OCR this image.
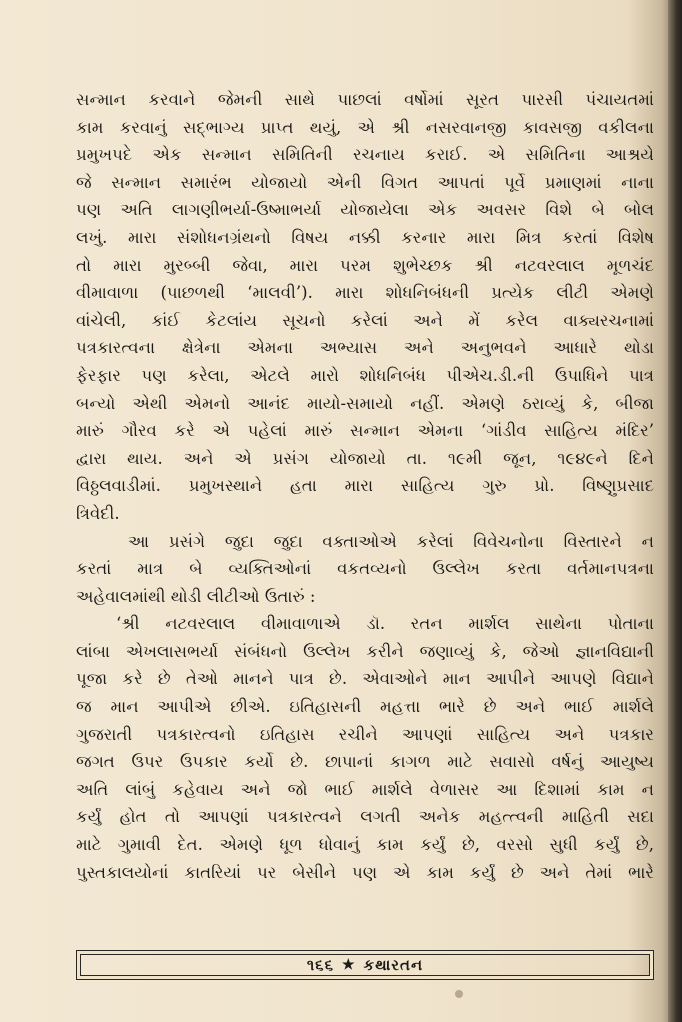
સન્માન કરવાને જેમની સાથે પાછલાં વર્ષોમાં સૂરત પારસી પંચાયતમાં
કામ કરવાનું સદ્ભાગ્ય પ્રાપ્ત થયું, એ શ્રી નસરવાનજી કાવસજી વકીલના
પ્રમુખપદે એક સન્માન સમિતિની રચનાય કરાઈ. એ સમિતિના આશ્રયે
જે સન્માન સમારંભ યોજાયો એની વિગત આપતાં પૂર્વે પ્રમાણમાં નાના
પણ અતિ લાગણીભર્યા-ઉષ્માભર્યા યોજાયેલા એક અવસર વિશે બે બોલ
લખું. મારા સંશોધનગ્રંથનો વિષય નક્કી કરનાર મારા મિત્ર કરતાં વિશેષ
તો મારા મુરબ્બી જેવા, મારા પરમ શુભેચ્છક શ્રી નટવરલાલ મૂળચંદ
વીમાવાળા (પાછળથી ‘માલવી’). મારા શોધનિબંધની પ્રત્યેક લીટી એમણે
વાંચેલી, કાંઈ કેટલાંય સૂચનો કરેલાં અને મેં કરેલ વાક્યરચનામાં
પત્રકારત્વના ક્ષેત્રેના એમના અભ્યાસ અને અનુભવને આધારે થોડા
ફેરફાર પણ કરેલા, એટલે મારો શોધનિબંધ પીએચ.ડી.ની ઉપાધિને પાત્ર
બન્યો એથી એમનો આનંદ માયો-સમાયો નહીં. એમણે ઠરાવ્યું કે, બીજા
મારું ગૌરવ કરે એ પહેલાં મારું સન્માન એમના ‘ગાંડીવ સાહિત્ય મંદિર’
દ્વારા થાય. અને એ પ્રસંગ યોજાયો તા. ૧૯મી જૂન, ૧૯૪૯ને દિને
વિઠ્ઠલવાડીમાં. પ્રમુખસ્થાને હતા મારા સાહિત્ય ગુરુ પ્રો. વિષ્ણુપ્રસાદ
ત્રિવેદી.
આ પ્રસંગે જુદા જુદા વક્તાઓએ કરેલાં વિવેચનોના વિસ્તારને ન
કરતાં માત્ર બે વ્યક્તિઓનાં વકતવ્યનો ઉલ્લેખ કરતા વર્તમાનપત્રના
અહેવાલમાંથી થોડી લીટીઓ ઉતારું :
‘શ્રી નટવરલાલ વીમાવાળાએ ડૉ. રતન માર્શલ સાથેના પોતાના
લાંબા એખલાસભર્યા સંબંધનો ઉલ્લેખ કરીને જણાવ્યું કે, જેઓ જ્ઞાનવિદ્યાની
પૂજા કરે છે તેઓ માનને પાત્ર છે. એવાઓને માન આપીને આપણે વિદ્યાને
જ માન આપીએ છીએ. ઇતિહાસની મહત્તા ભારે છે અને ભાઈ માર્શલે
ગુજરાતી પત્રકારત્વનો ઇતિહાસ રચીને આપણાં સાહિત્ય અને પત્રકાર
જગત ઉપર ઉપકાર કર્યો છે. છાપાનાં કાગળ માટે સવાસો વર્ષનું આયુષ્ય
અતિ લાંબું કહેવાય અને જો ભાઈ માર્શલે વેળાસર આ દિશામાં કામ ન
કર્યું હોત તો આપણાં પત્રકારત્વને લગતી અનેક મહત્ત્વની માહિતી સદા
માટે ગુમાવી દેત. એમણે ધૂળ ધોવાનું કામ કર્યું છે, વરસો સુધી કર્યું છે,
પુસ્તકાલયોનાં કાતરિયાં પર બેસીને પણ એ કામ કર્યું છે અને તેમાં ભારે
૧૬૬ ★ કથારતન
